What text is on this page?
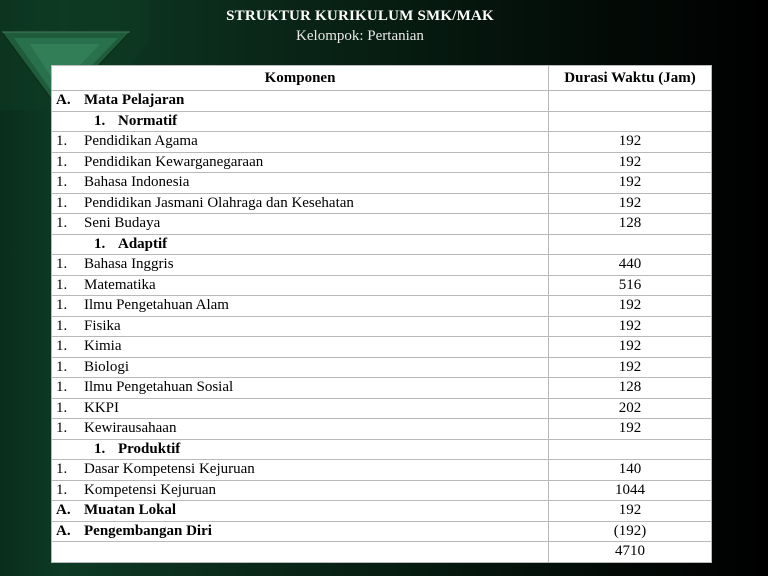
STRUKTUR KURIKULUM SMK/MAK
Kelompok: Pertanian
Komponen	Durasi Waktu (Jam)
A. Mata Pelajaran	
1. Normatif	
1. Pendidikan Agama	192
1. Pendidikan Kewarganegaraan	192
1. Bahasa Indonesia	192
1. Pendidikan Jasmani Olahraga dan Kesehatan	192
1. Seni Budaya	128
1. Adaptif	
1. Bahasa Inggris	440
1. Matematika	516
1. Ilmu Pengetahuan Alam	192
1. Fisika	192
1. Kimia	192
1. Biologi	192
1. Ilmu Pengetahuan Sosial	128
1. KKPI	202
1. Kewirausahaan	192
1. Produktif	
1. Dasar Kompetensi Kejuruan	140
1. Kompetensi Kejuruan	1044
A. Muatan Lokal	192
A. Pengembangan Diri	(192)
	4710
